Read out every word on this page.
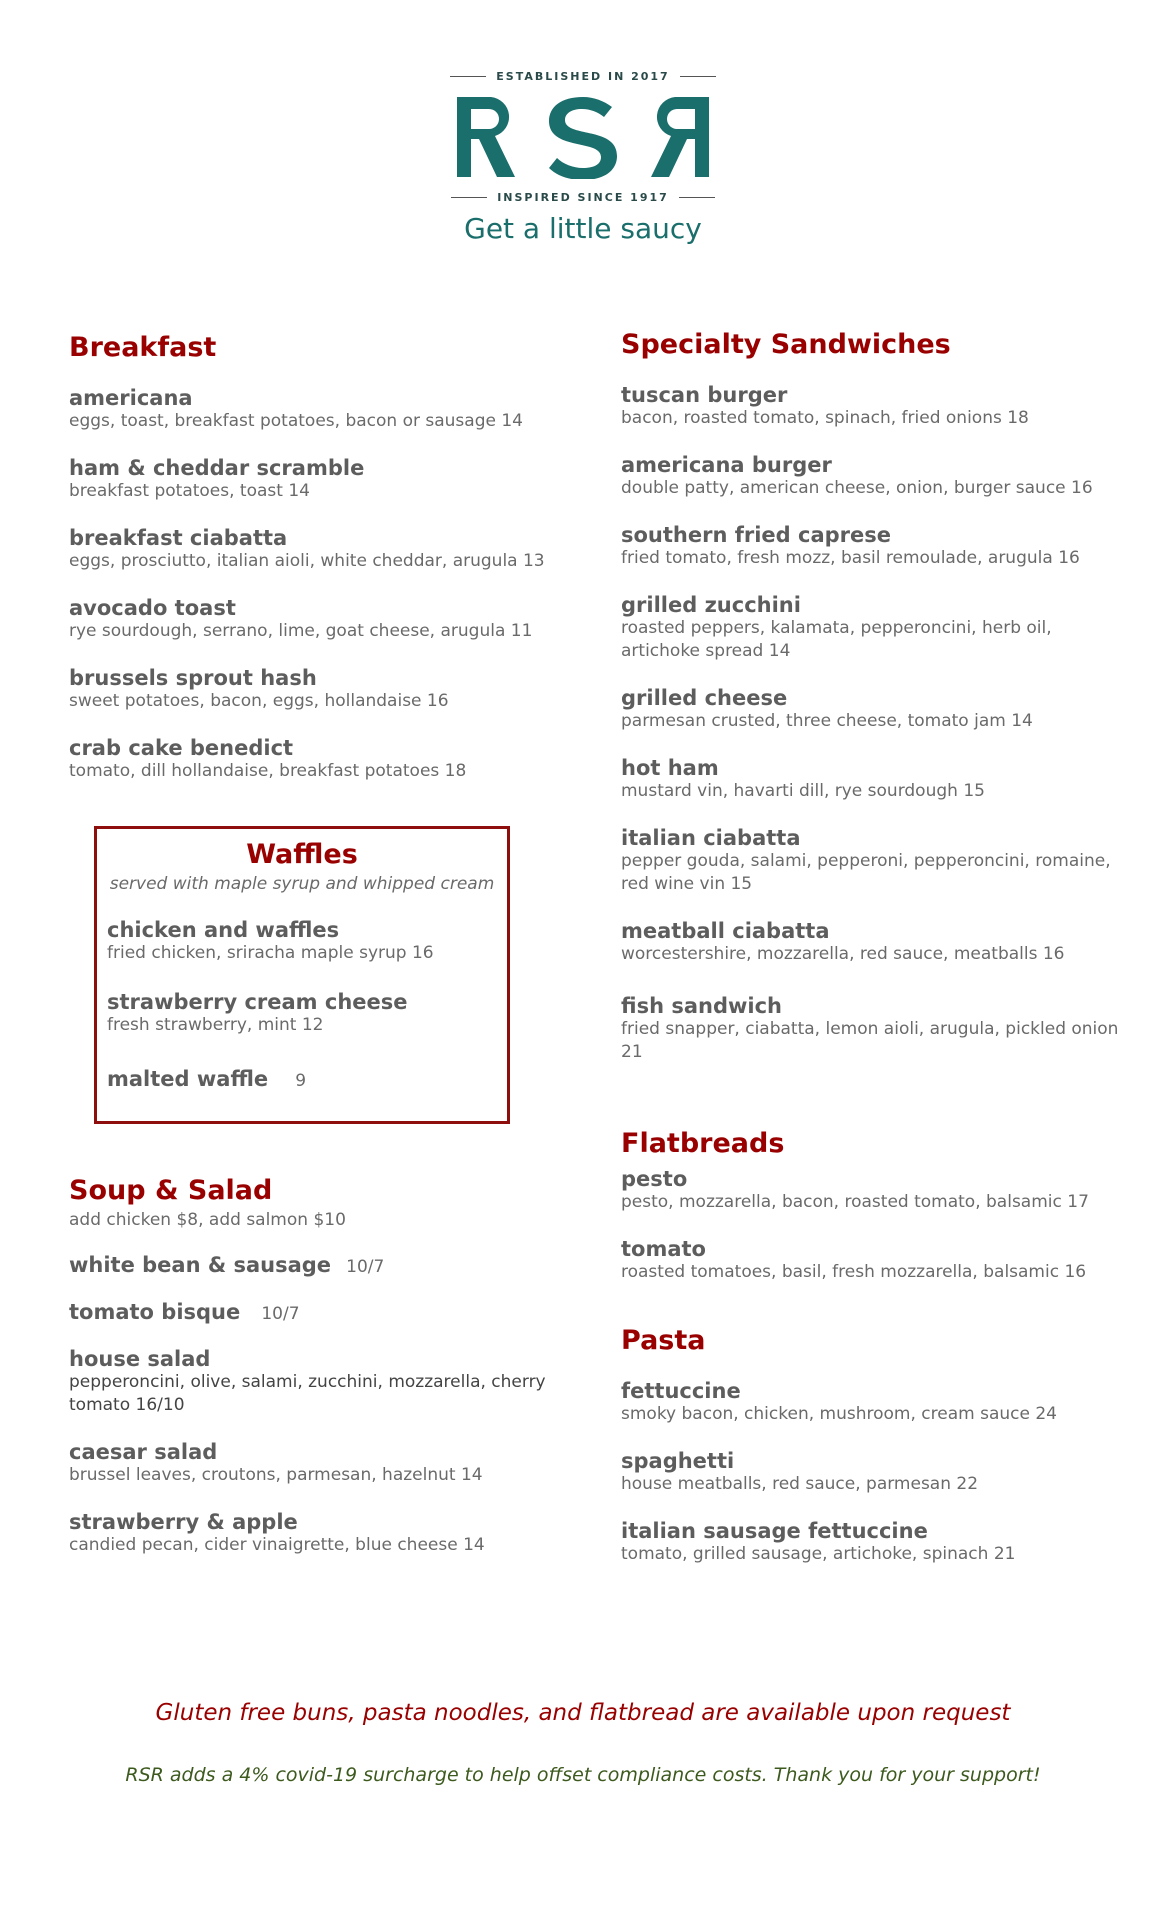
ESTABLISHED IN 2017
INSPIRED SINCE 1917
Get a little saucy
Breakfast
americana
eggs, toast, breakfast potatoes, bacon or sausage 14
ham & cheddar scramble
breakfast potatoes, toast 14
breakfast ciabatta
eggs, prosciutto, italian aioli, white cheddar, arugula 13
avocado toast
rye sourdough, serrano, lime, goat cheese, arugula 11
brussels sprout hash
sweet potatoes, bacon, eggs, hollandaise 16
crab cake benedict
tomato, dill hollandaise, breakfast potatoes 18
Waffles
served with maple syrup and whipped cream
chicken and waffles
fried chicken, sriracha maple syrup 16
strawberry cream cheese
fresh strawberry, mint 12
malted waffle 9
Soup & Salad
add chicken $8, add salmon $10
white bean & sausage 10/7
tomato bisque 10/7
house salad
pepperoncini, olive, salami, zucchini, mozzarella, cherry tomato 16/10
caesar salad
brussel leaves, croutons, parmesan, hazelnut 14
strawberry & apple
candied pecan, cider vinaigrette, blue cheese 14
Specialty Sandwiches
tuscan burger
bacon, roasted tomato, spinach, fried onions 18
americana burger
double patty, american cheese, onion, burger sauce 16
southern fried caprese
fried tomato, fresh mozz, basil remoulade, arugula 16
grilled zucchini
roasted peppers, kalamata, pepperoncini, herb oil, artichoke spread 14
grilled cheese
parmesan crusted, three cheese, tomato jam 14
hot ham
mustard vin, havarti dill, rye sourdough 15
italian ciabatta
pepper gouda, salami, pepperoni, pepperoncini, romaine, red wine vin 15
meatball ciabatta
worcestershire, mozzarella, red sauce, meatballs 16
fish sandwich
fried snapper, ciabatta, lemon aioli, arugula, pickled onion 21
Flatbreads
pesto
pesto, mozzarella, bacon, roasted tomato, balsamic 17
tomato
roasted tomatoes, basil, fresh mozzarella, balsamic 16
Pasta
fettuccine
smoky bacon, chicken, mushroom, cream sauce 24
spaghetti
house meatballs, red sauce, parmesan 22
italian sausage fettuccine
tomato, grilled sausage, artichoke, spinach 21
Gluten free buns, pasta noodles, and flatbread are available upon request
RSR adds a 4% covid-19 surcharge to help offset compliance costs. Thank you for your support!
